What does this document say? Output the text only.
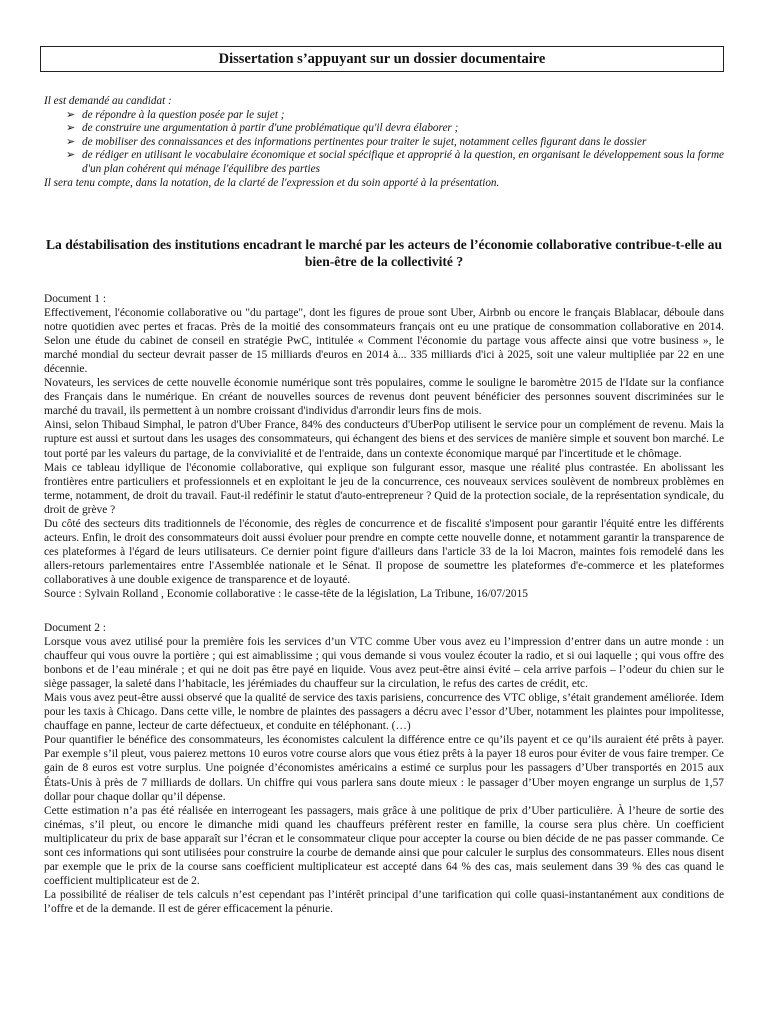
Dissertation s’appuyant sur un dossier documentaire

Il est demandé au candidat :

➢ de répondre à la question posée par le sujet ;
➢ de construire une argumentation à partir d'une problématique qu'il devra élaborer ;
➢ de mobiliser des connaissances et des informations pertinentes pour traiter le sujet, notamment celles figurant dans le dossier
➢ de rédiger en utilisant le vocabulaire économique et social spécifique et approprié à la question, en organisant le développement sous la forme d'un plan cohérent qui ménage l'équilibre des parties

Il sera tenu compte, dans la notation, de la clarté de l'expression et du soin apporté à la présentation.

La déstabilisation des institutions encadrant le marché par les acteurs de l’économie collaborative contribue-t-elle au bien-être de la collectivité ?

Document 1 :

Effectivement, l'économie collaborative ou "du partage", dont les figures de proue sont Uber, Airbnb ou encore le français Blablacar, déboule dans notre quotidien avec pertes et fracas. Près de la moitié des consommateurs français ont eu une pratique de consommation collaborative en 2014. Selon une étude du cabinet de conseil en stratégie PwC, intitulée « Comment l'économie du partage vous affecte ainsi que votre business », le marché mondial du secteur devrait passer de 15 milliards d'euros en 2014 à... 335 milliards d'ici à 2025, soit une valeur multipliée par 22 en une décennie.

Novateurs, les services de cette nouvelle économie numérique sont très populaires, comme le souligne le baromètre 2015 de l'Idate sur la confiance des Français dans le numérique. En créant de nouvelles sources de revenus dont peuvent bénéficier des personnes souvent discriminées sur le marché du travail, ils permettent à un nombre croissant d'individus d'arrondir leurs fins de mois.

Ainsi, selon Thibaud Simphal, le patron d'Uber France, 84% des conducteurs d'UberPop utilisent le service pour un complément de revenu. Mais la rupture est aussi et surtout dans les usages des consommateurs, qui échangent des biens et des services de manière simple et souvent bon marché. Le tout porté par les valeurs du partage, de la convivialité et de l'entraide, dans un contexte économique marqué par l'incertitude et le chômage.

Mais ce tableau idyllique de l'économie collaborative, qui explique son fulgurant essor, masque une réalité plus contrastée. En abolissant les frontières entre particuliers et professionnels et en exploitant le jeu de la concurrence, ces nouveaux services soulèvent de nombreux problèmes en terme, notamment, de droit du travail. Faut-il redéfinir le statut d'auto-entrepreneur ? Quid de la protection sociale, de la représentation syndicale, du droit de grève ?

Du côté des secteurs dits traditionnels de l'économie, des règles de concurrence et de fiscalité s'imposent pour garantir l'équité entre les différents acteurs. Enfin, le droit des consommateurs doit aussi évoluer pour prendre en compte cette nouvelle donne, et notamment garantir la transparence de ces plateformes à l'égard de leurs utilisateurs. Ce dernier point figure d'ailleurs dans l'article 33 de la loi Macron, maintes fois remodelé dans les allers-retours parlementaires entre l'Assemblée nationale et le Sénat. Il propose de soumettre les plateformes d'e-commerce et les plateformes collaboratives à une double exigence de transparence et de loyauté.

Source : Sylvain Rolland , Economie collaborative : le casse-tête de la législation, La Tribune, 16/07/2015

Document 2 :

Lorsque vous avez utilisé pour la première fois les services d’un VTC comme Uber vous avez eu l’impression d’entrer dans un autre monde : un chauffeur qui vous ouvre la portière ; qui est aimablissime ; qui vous demande si vous voulez écouter la radio, et si oui laquelle ; qui vous offre des bonbons et de l’eau minérale ; et qui ne doit pas être payé en liquide. Vous avez peut-être ainsi évité – cela arrive parfois – l’odeur du chien sur le siège passager, la saleté dans l’habitacle, les jérémiades du chauffeur sur la circulation, le refus des cartes de crédit, etc.

Mais vous avez peut-être aussi observé que la qualité de service des taxis parisiens, concurrence des VTC oblige, s’était grandement améliorée. Idem pour les taxis à Chicago. Dans cette ville, le nombre de plaintes des passagers a décru avec l’essor d’Uber, notamment les plaintes pour impolitesse, chauffage en panne, lecteur de carte défectueux, et conduite en téléphonant. (…)

Pour quantifier le bénéfice des consommateurs, les économistes calculent la différence entre ce qu’ils payent et ce qu’ils auraient été prêts à payer. Par exemple s’il pleut, vous paierez mettons 10 euros votre course alors que vous étiez prêts à la payer 18 euros pour éviter de vous faire tremper. Ce gain de 8 euros est votre surplus. Une poignée d’économistes américains a estimé ce surplus pour les passagers d’Uber transportés en 2015 aux États-Unis à près de 7 milliards de dollars. Un chiffre qui vous parlera sans doute mieux : le passager d’Uber moyen engrange un surplus de 1,57 dollar pour chaque dollar qu’il dépense.

Cette estimation n’a pas été réalisée en interrogeant les passagers, mais grâce à une politique de prix d’Uber particulière. À l’heure de sortie des cinémas, s’il pleut, ou encore le dimanche midi quand les chauffeurs préfèrent rester en famille, la course sera plus chère. Un coefficient multiplicateur du prix de base apparaît sur l’écran et le consommateur clique pour accepter la course ou bien décide de ne pas passer commande. Ce sont ces informations qui sont utilisées pour construire la courbe de demande ainsi que pour calculer le surplus des consommateurs. Elles nous disent par exemple que le prix de la course sans coefficient multiplicateur est accepté dans 64 % des cas, mais seulement dans 39 % des cas quand le coefficient multiplicateur est de 2.

La possibilité de réaliser de tels calculs n’est cependant pas l’intérêt principal d’une tarification qui colle quasi-instantanément aux conditions de l’offre et de la demande. Il est de gérer efficacement la pénurie.
